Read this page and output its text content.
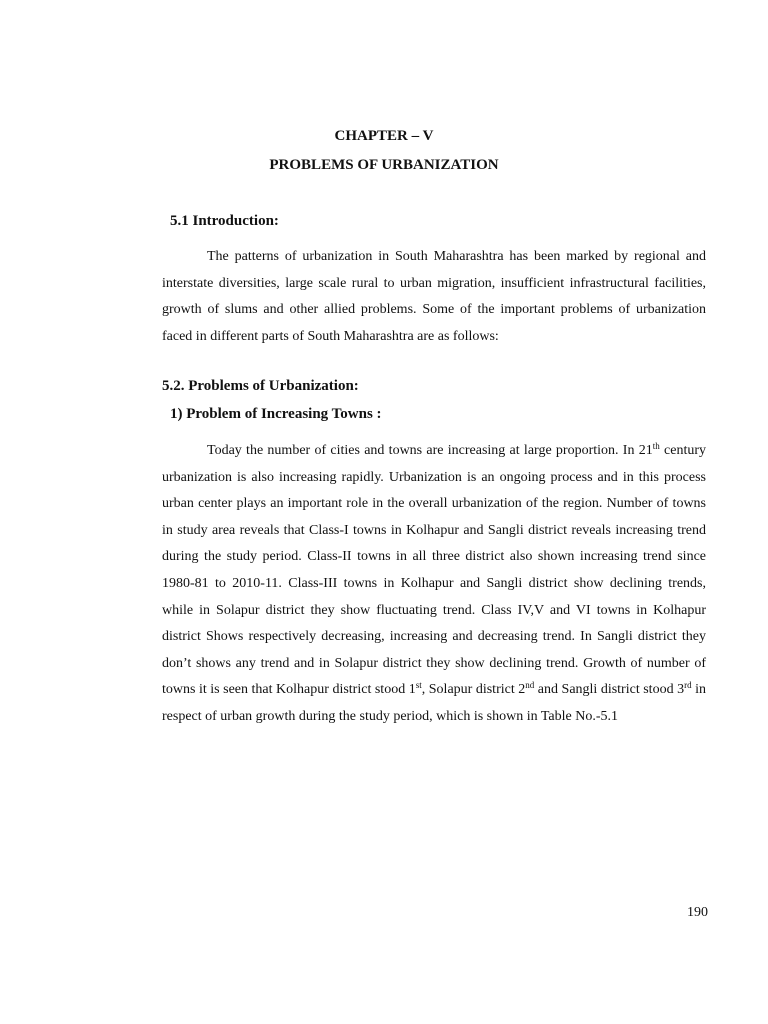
CHAPTER – V
PROBLEMS OF URBANIZATION
5.1 Introduction:

The patterns of urbanization in South Maharashtra has been marked by regional and interstate diversities, large scale rural to urban migration, insufficient infrastructural facilities, growth of slums and other allied problems. Some of the important problems of urbanization faced in different parts of South Maharashtra are as follows:

5.2. Problems of Urbanization:
1) Problem of Increasing Towns :

Today the number of cities and towns are increasing at large proportion. In 21th century urbanization is also increasing rapidly. Urbanization is an ongoing process and in this process urban center plays an important role in the overall urbanization of the region. Number of towns in study area reveals that Class-I towns in Kolhapur and Sangli district reveals increasing trend during the study period. Class-II towns in all three district also shown increasing trend since 1980-81 to 2010-11. Class-III towns in Kolhapur and Sangli district show declining trends, while in Solapur district they show fluctuating trend. Class IV,V and VI towns in Kolhapur district Shows respectively decreasing, increasing and decreasing trend. In Sangli district they don’t shows any trend and in Solapur district they show declining trend. Growth of number of towns it is seen that Kolhapur district stood 1st, Solapur district 2nd and Sangli district stood 3rd in respect of urban growth during the study period, which is shown in Table No.-5.1

190
